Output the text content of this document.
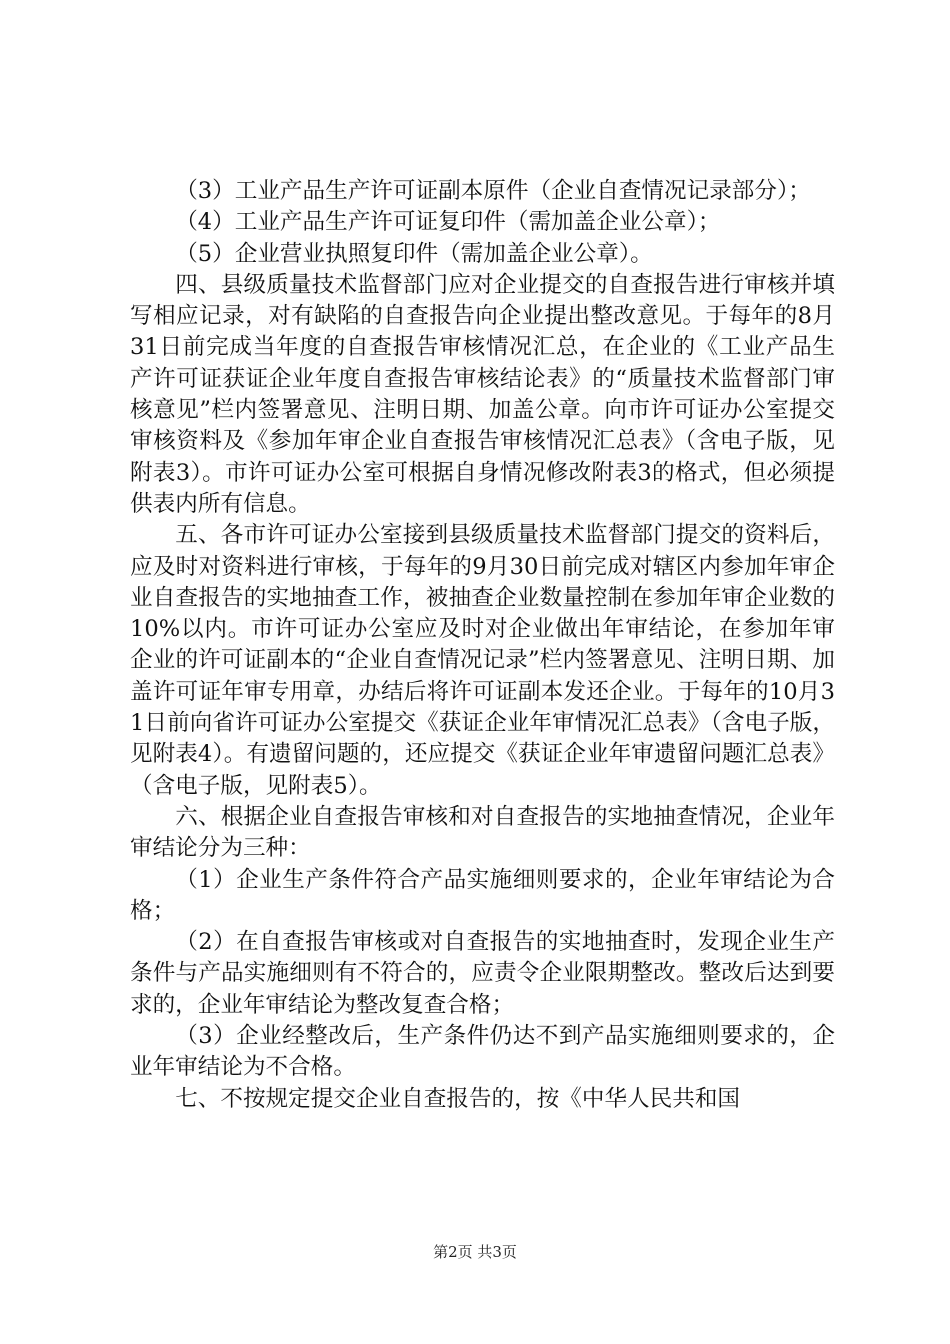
（3）工业产品生产许可证副本原件（企业自查情况记录部分）；

（4）工业产品生产许可证复印件（需加盖企业公章）；

（5）企业营业执照复印件（需加盖企业公章）。

四、县级质量技术监督部门应对企业提交的自查报告进行审核并填写相应记录，对有缺陷的自查报告向企业提出整改意见。于每年的8月31日前完成当年度的自查报告审核情况汇总，在企业的《工业产品生产许可证获证企业年度自查报告审核结论表》的“质量技术监督部门审核意见”栏内签署意见、注明日期、加盖公章。向市许可证办公室提交审核资料及《参加年审企业自查报告审核情况汇总表》（含电子版，见附表3）。市许可证办公室可根据自身情况修改附表3的格式，但必须提供表内所有信息。

五、各市许可证办公室接到县级质量技术监督部门提交的资料后，应及时对资料进行审核，于每年的9月30日前完成对辖区内参加年审企业自查报告的实地抽查工作，被抽查企业数量控制在参加年审企业数的10%以内。市许可证办公室应及时对企业做出年审结论，在参加年审企业的许可证副本的“企业自查情况记录”栏内签署意见、注明日期、加盖许可证年审专用章，办结后将许可证副本发还企业。于每年的10月31日前向省许可证办公室提交《获证企业年审情况汇总表》（含电子版，见附表4）。有遗留问题的，还应提交《获证企业年审遗留问题汇总表》（含电子版，见附表5）。

六、根据企业自查报告审核和对自查报告的实地抽查情况，企业年审结论分为三种：

（1）企业生产条件符合产品实施细则要求的，企业年审结论为合格；

（2）在自查报告审核或对自查报告的实地抽查时，发现企业生产条件与产品实施细则有不符合的，应责令企业限期整改。整改后达到要求的，企业年审结论为整改复查合格；

（3）企业经整改后，生产条件仍达不到产品实施细则要求的，企业年审结论为不合格。

七、不按规定提交企业自查报告的，按《中华人民共和国

第2页 共3页
